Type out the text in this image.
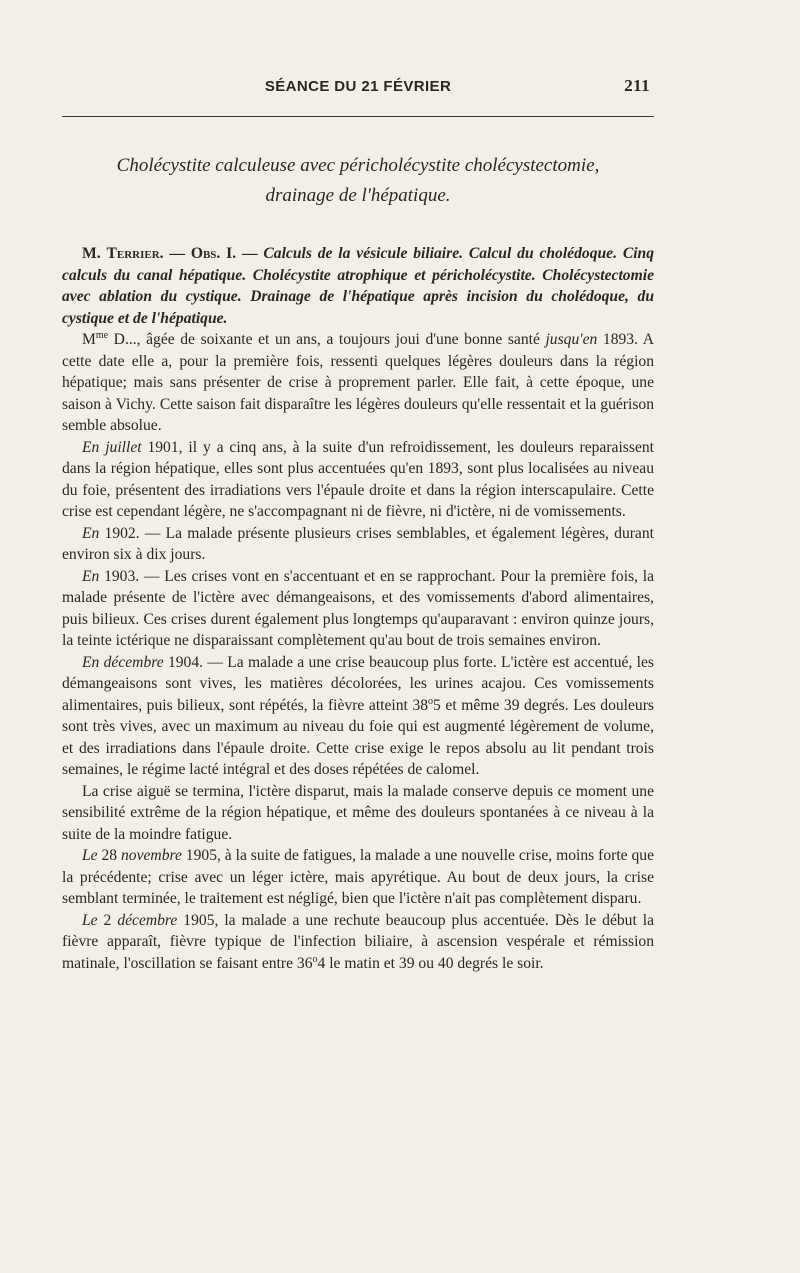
SÉANCE DU 21 FÉVRIER	211
Cholécystite calculeuse avec péricholécystite cholécystectomie,
drainage de l'hépatique.

M. Terrier. — Obs. I. — Calculs de la vésicule biliaire. Calcul du cholédoque. Cinq calculs du canal hépatique. Cholécystite atrophique et péricholécystite. Cholécystectomie avec ablation du cystique. Drainage de l'hépatique après incision du cholédoque, du cystique et de l'hépatique.

$M^{me}$ D..., âgée de soixante et un ans, a toujours joui d'une bonne santé jusqu'en 1893. A cette date elle a, pour la première fois, ressenti quelques légères douleurs dans la région hépatique; mais sans présenter de crise à proprement parler. Elle fait, à cette époque, une saison à Vichy. Cette saison fait disparaître les légères douleurs qu'elle ressentait et la guérison semble absolue.

En juillet 1901, il y a cinq ans, à la suite d'un refroidissement, les douleurs reparaissent dans la région hépatique, elles sont plus accentuées qu'en 1893, sont plus localisées au niveau du foie, présentent des irradiations vers l'épaule droite et dans la région interscapulaire. Cette crise est cependant légère, ne s'accompagnant ni de fièvre, ni d'ictère, ni de vomissements.

En 1902. — La malade présente plusieurs crises semblables, et également légères, durant environ six à dix jours.

En 1903. — Les crises vont en s'accentuant et en se rapprochant. Pour la première fois, la malade présente de l'ictère avec démangeaisons, et des vomissements d'abord alimentaires, puis bilieux. Ces crises durent également plus longtemps qu'auparavant : environ quinze jours, la teinte ictérique ne disparaissant complètement qu'au bout de trois semaines environ.

En décembre 1904. — La malade a une crise beaucoup plus forte. L'ictère est accentué, les démangeaisons sont vives, les matières décolorées, les urines acajou. Ces vomissements alimentaires, puis bilieux, sont répétés, la fièvre atteint 38$^o$5 et même 39 degrés. Les douleurs sont très vives, avec un maximum au niveau du foie qui est augmenté légèrement de volume, et des irradiations dans l'épaule droite. Cette crise exige le repos absolu au lit pendant trois semaines, le régime lacté intégral et des doses répétées de calomel.

La crise aiguë se termina, l'ictère disparut, mais la malade conserve depuis ce moment une sensibilité extrême de la région hépatique, et même des douleurs spontanées à ce niveau à la suite de la moindre fatigue.

Le 28 novembre 1905, à la suite de fatigues, la malade a une nouvelle crise, moins forte que la précédente; crise avec un léger ictère, mais apyrétique. Au bout de deux jours, la crise semblant terminée, le traitement est négligé, bien que l'ictère n'ait pas complètement disparu.

Le 2 décembre 1905, la malade a une rechute beaucoup plus accentuée. Dès le début la fièvre apparaît, fièvre typique de l'infection biliaire, à ascension vespérale et rémission matinale, l'oscillation se faisant entre 36$^o$4 le matin et 39 ou 40 degrés le soir.
